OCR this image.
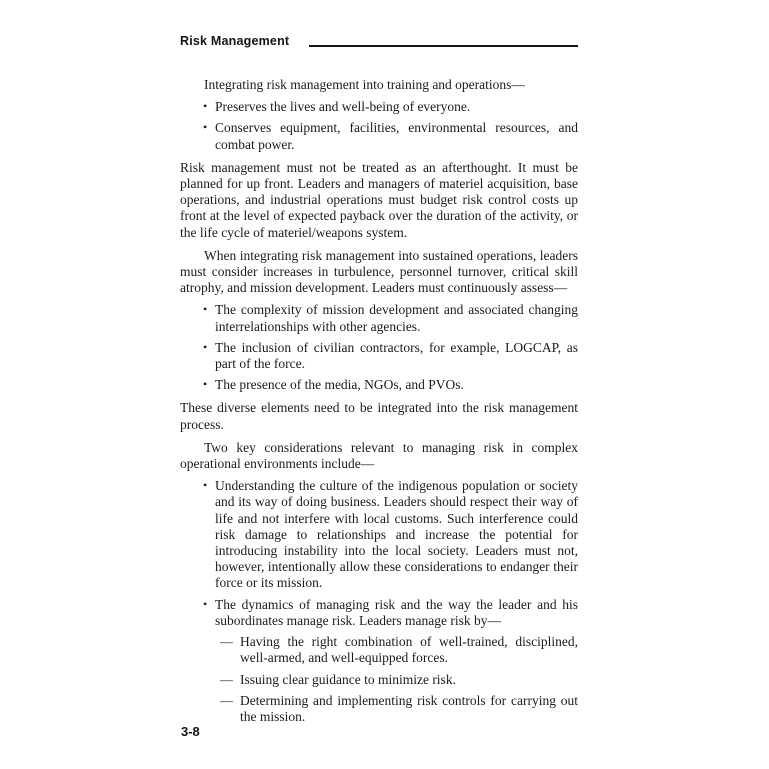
Risk Management

Integrating risk management into training and operations—

• Preserves the lives and well-being of everyone.
• Conserves equipment, facilities, environmental resources, and combat power.

Risk management must not be treated as an afterthought. It must be planned for up front. Leaders and managers of materiel acquisition, base operations, and industrial operations must budget risk control costs up front at the level of expected payback over the duration of the activity, or the life cycle of materiel/weapons system.

When integrating risk management into sustained operations, leaders must consider increases in turbulence, personnel turnover, critical skill atrophy, and mission development. Leaders must continuously assess—

• The complexity of mission development and associated changing interrelationships with other agencies.
• The inclusion of civilian contractors, for example, LOGCAP, as part of the force.
• The presence of the media, NGOs, and PVOs.

These diverse elements need to be integrated into the risk management process.

Two key considerations relevant to managing risk in complex operational environments include—

• Understanding the culture of the indigenous population or society and its way of doing business. Leaders should respect their way of life and not interfere with local customs. Such interference could risk damage to relationships and increase the potential for introducing instability into the local society. Leaders must not, however, intentionally allow these considerations to endanger their force or its mission.
• The dynamics of managing risk and the way the leader and his subordinates manage risk. Leaders manage risk by—
— Having the right combination of well-trained, disciplined, well-armed, and well-equipped forces.
— Issuing clear guidance to minimize risk.
— Determining and implementing risk controls for carrying out the mission.
3-8
